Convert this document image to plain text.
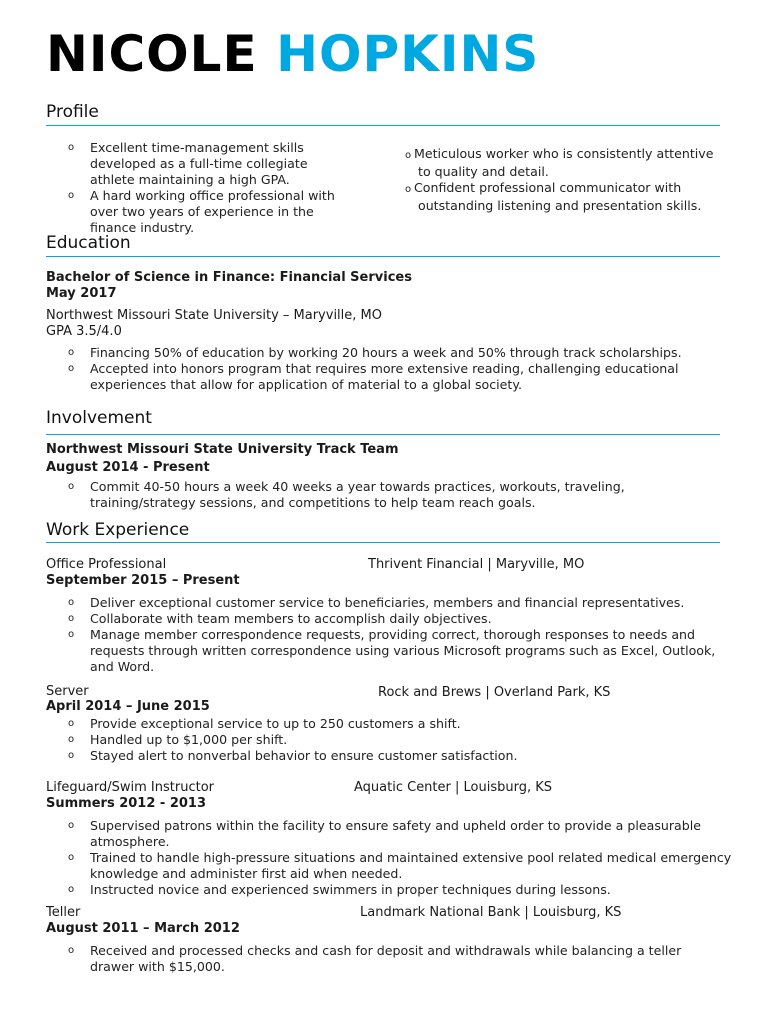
NICOLE HOPKINS
Profile
o Excellent time-management skills developed as a full-time collegiate athlete maintaining a high GPA.
o A hard working office professional with over two years of experience in the finance industry.
o Meticulous worker who is consistently attentive to quality and detail.
o Confident professional communicator with outstanding listening and presentation skills.
Education
Bachelor of Science in Finance: Financial Services
May 2017
Northwest Missouri State University – Maryville, MO
GPA 3.5/4.0
o Financing 50% of education by working 20 hours a week and 50% through track scholarships.
o Accepted into honors program that requires more extensive reading, challenging educational experiences that allow for application of material to a global society.
Involvement
Northwest Missouri State University Track Team
August 2014 - Present
o Commit 40-50 hours a week 40 weeks a year towards practices, workouts, traveling, training/strategy sessions, and competitions to help team reach goals.
Work Experience
Office Professional	Thrivent Financial | Maryville, MO
September 2015 – Present
o Deliver exceptional customer service to beneficiaries, members and financial representatives.
o Collaborate with team members to accomplish daily objectives.
o Manage member correspondence requests, providing correct, thorough responses to needs and requests through written correspondence using various Microsoft programs such as Excel, Outlook, and Word.
Server	Rock and Brews | Overland Park, KS
April 2014 – June 2015
o Provide exceptional service to up to 250 customers a shift.
o Handled up to $1,000 per shift.
o Stayed alert to nonverbal behavior to ensure customer satisfaction.
Lifeguard/Swim Instructor	Aquatic Center | Louisburg, KS
Summers 2012 - 2013
o Supervised patrons within the facility to ensure safety and upheld order to provide a pleasurable atmosphere.
o Trained to handle high-pressure situations and maintained extensive pool related medical emergency knowledge and administer first aid when needed.
o Instructed novice and experienced swimmers in proper techniques during lessons.
Teller	Landmark National Bank | Louisburg, KS
August 2011 – March 2012
o Received and processed checks and cash for deposit and withdrawals while balancing a teller drawer with $15,000.
